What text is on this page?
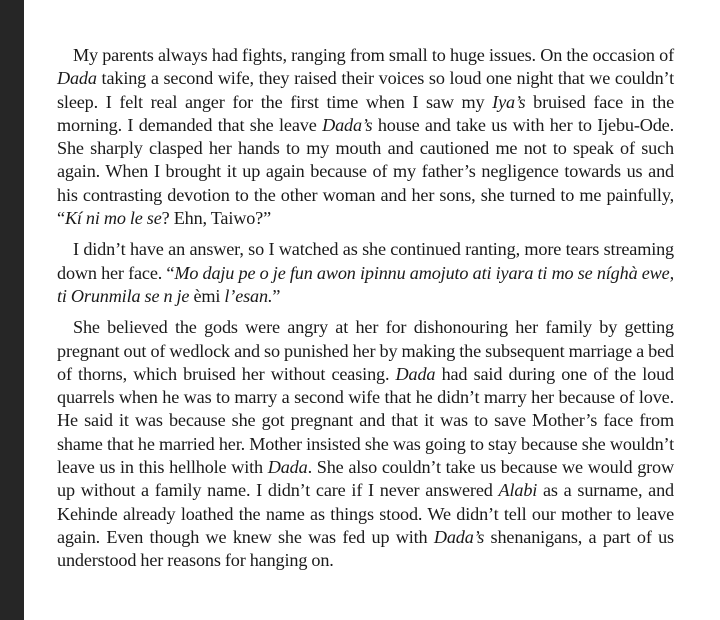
My parents always had fights, ranging from small to huge issues. On the occasion of Dada taking a second wife, they raised their voices so loud one night that we couldn’t sleep. I felt real anger for the first time when I saw my Iya’s bruised face in the morning. I demanded that she leave Dada’s house and take us with her to Ijebu-Ode. She sharply clasped her hands to my mouth and cautioned me not to speak of such again. When I brought it up again because of my father’s negligence towards us and his contrasting devotion to the other woman and her sons, she turned to me painfully, “Kí ni mo le se? Ehn, Taiwo?”

I didn’t have an answer, so I watched as she continued ranting, more tears streaming down her face. “Mo daju pe o je fun awon ipinnu amojuto ati iyara ti mo se níghà ewe, ti Orunmila se n je èmi l’esan.”

She believed the gods were angry at her for dishonouring her family by getting pregnant out of wedlock and so punished her by making the subsequent marriage a bed of thorns, which bruised her without ceasing. Dada had said during one of the loud quarrels when he was to marry a second wife that he didn’t marry her because of love. He said it was because she got pregnant and that it was to save Mother’s face from shame that he married her. Mother insisted she was going to stay because she wouldn’t leave us in this hellhole with Dada. She also couldn’t take us because we would grow up without a family name. I didn’t care if I never answered Alabi as a surname, and Kehinde already loathed the name as things stood. We didn’t tell our mother to leave again. Even though we knew she was fed up with Dada’s shenanigans, a part of us understood her reasons for hanging on.
